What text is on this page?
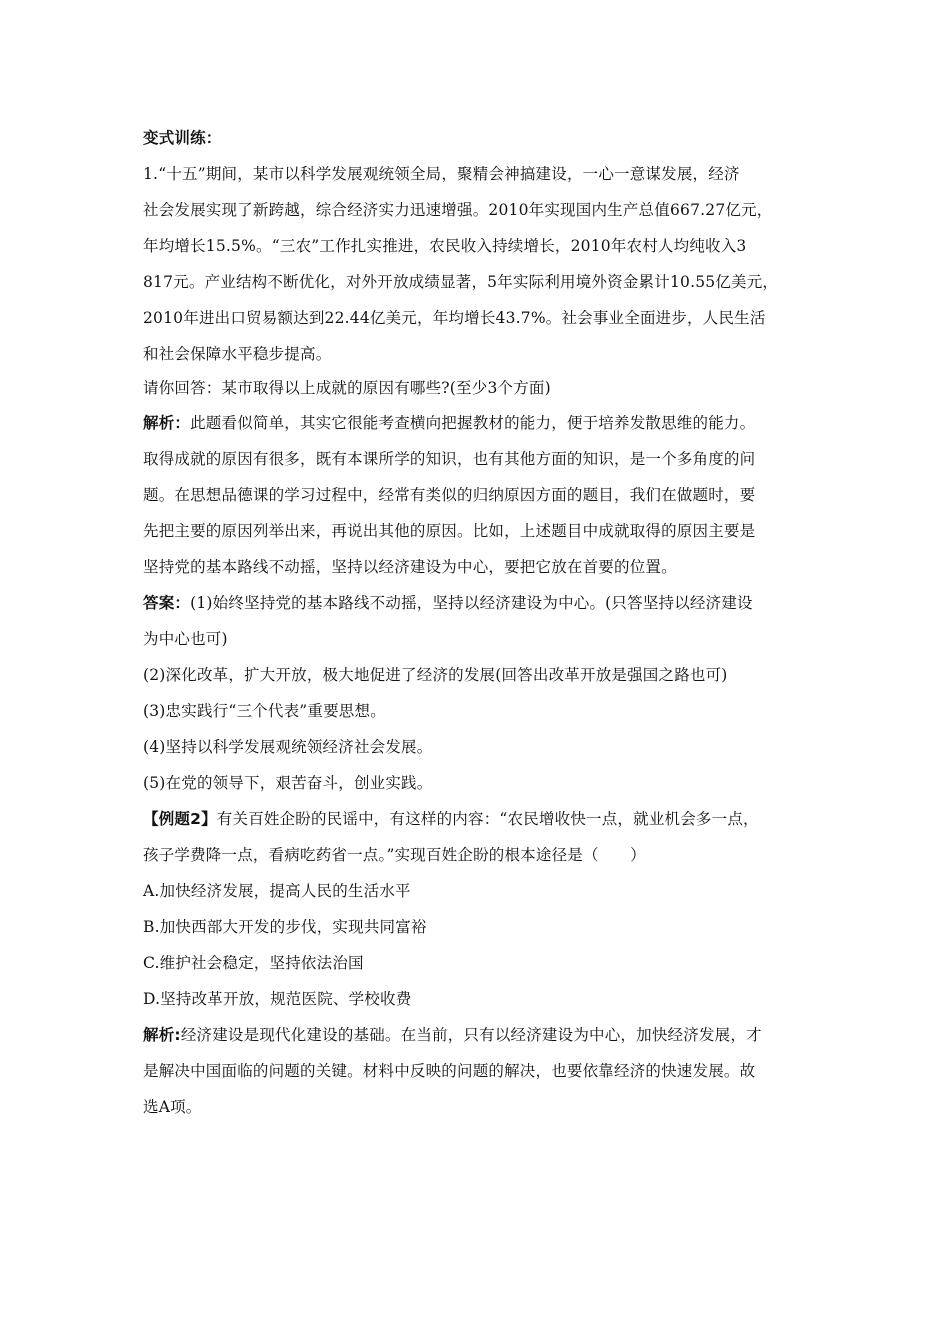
变式训练：
1.“十五”期间，某市以科学发展观统领全局，聚精会神搞建设，一心一意谋发展，经济
社会发展实现了新跨越，综合经济实力迅速增强。2010年实现国内生产总值667.27亿元，
年均增长15.5%。“三农”工作扎实推进，农民收入持续增长，2010年农村人均纯收入3
817元。产业结构不断优化，对外开放成绩显著，5年实际利用境外资金累计10.55亿美元，
2010年进出口贸易额达到22.44亿美元，年均增长43.7%。社会事业全面进步，人民生活
和社会保障水平稳步提高。
请你回答：某市取得以上成就的原因有哪些?(至少3个方面)
解析：此题看似简单，其实它很能考查横向把握教材的能力，便于培养发散思维的能力。
取得成就的原因有很多，既有本课所学的知识，也有其他方面的知识，是一个多角度的问
题。在思想品德课的学习过程中，经常有类似的归纳原因方面的题目，我们在做题时，要
先把主要的原因列举出来，再说出其他的原因。比如，上述题目中成就取得的原因主要是
坚持党的基本路线不动摇，坚持以经济建设为中心，要把它放在首要的位置。
答案：(1)始终坚持党的基本路线不动摇，坚持以经济建设为中心。(只答坚持以经济建设
为中心也可)
(2)深化改革，扩大开放，极大地促进了经济的发展(回答出改革开放是强国之路也可)
(3)忠实践行“三个代表”重要思想。
(4)坚持以科学发展观统领经济社会发展。
(5)在党的领导下，艰苦奋斗，创业实践。
【例题2】有关百姓企盼的民谣中，有这样的内容：“农民增收快一点，就业机会多一点，
孩子学费降一点，看病吃药省一点。”实现百姓企盼的根本途径是（　　）
A.加快经济发展，提高人民的生活水平
B.加快西部大开发的步伐，实现共同富裕
C.维护社会稳定，坚持依法治国
D.坚持改革开放，规范医院、学校收费
解析:经济建设是现代化建设的基础。在当前，只有以经济建设为中心，加快经济发展，才
是解决中国面临的问题的关键。材料中反映的问题的解决，也要依靠经济的快速发展。故
选A项。
